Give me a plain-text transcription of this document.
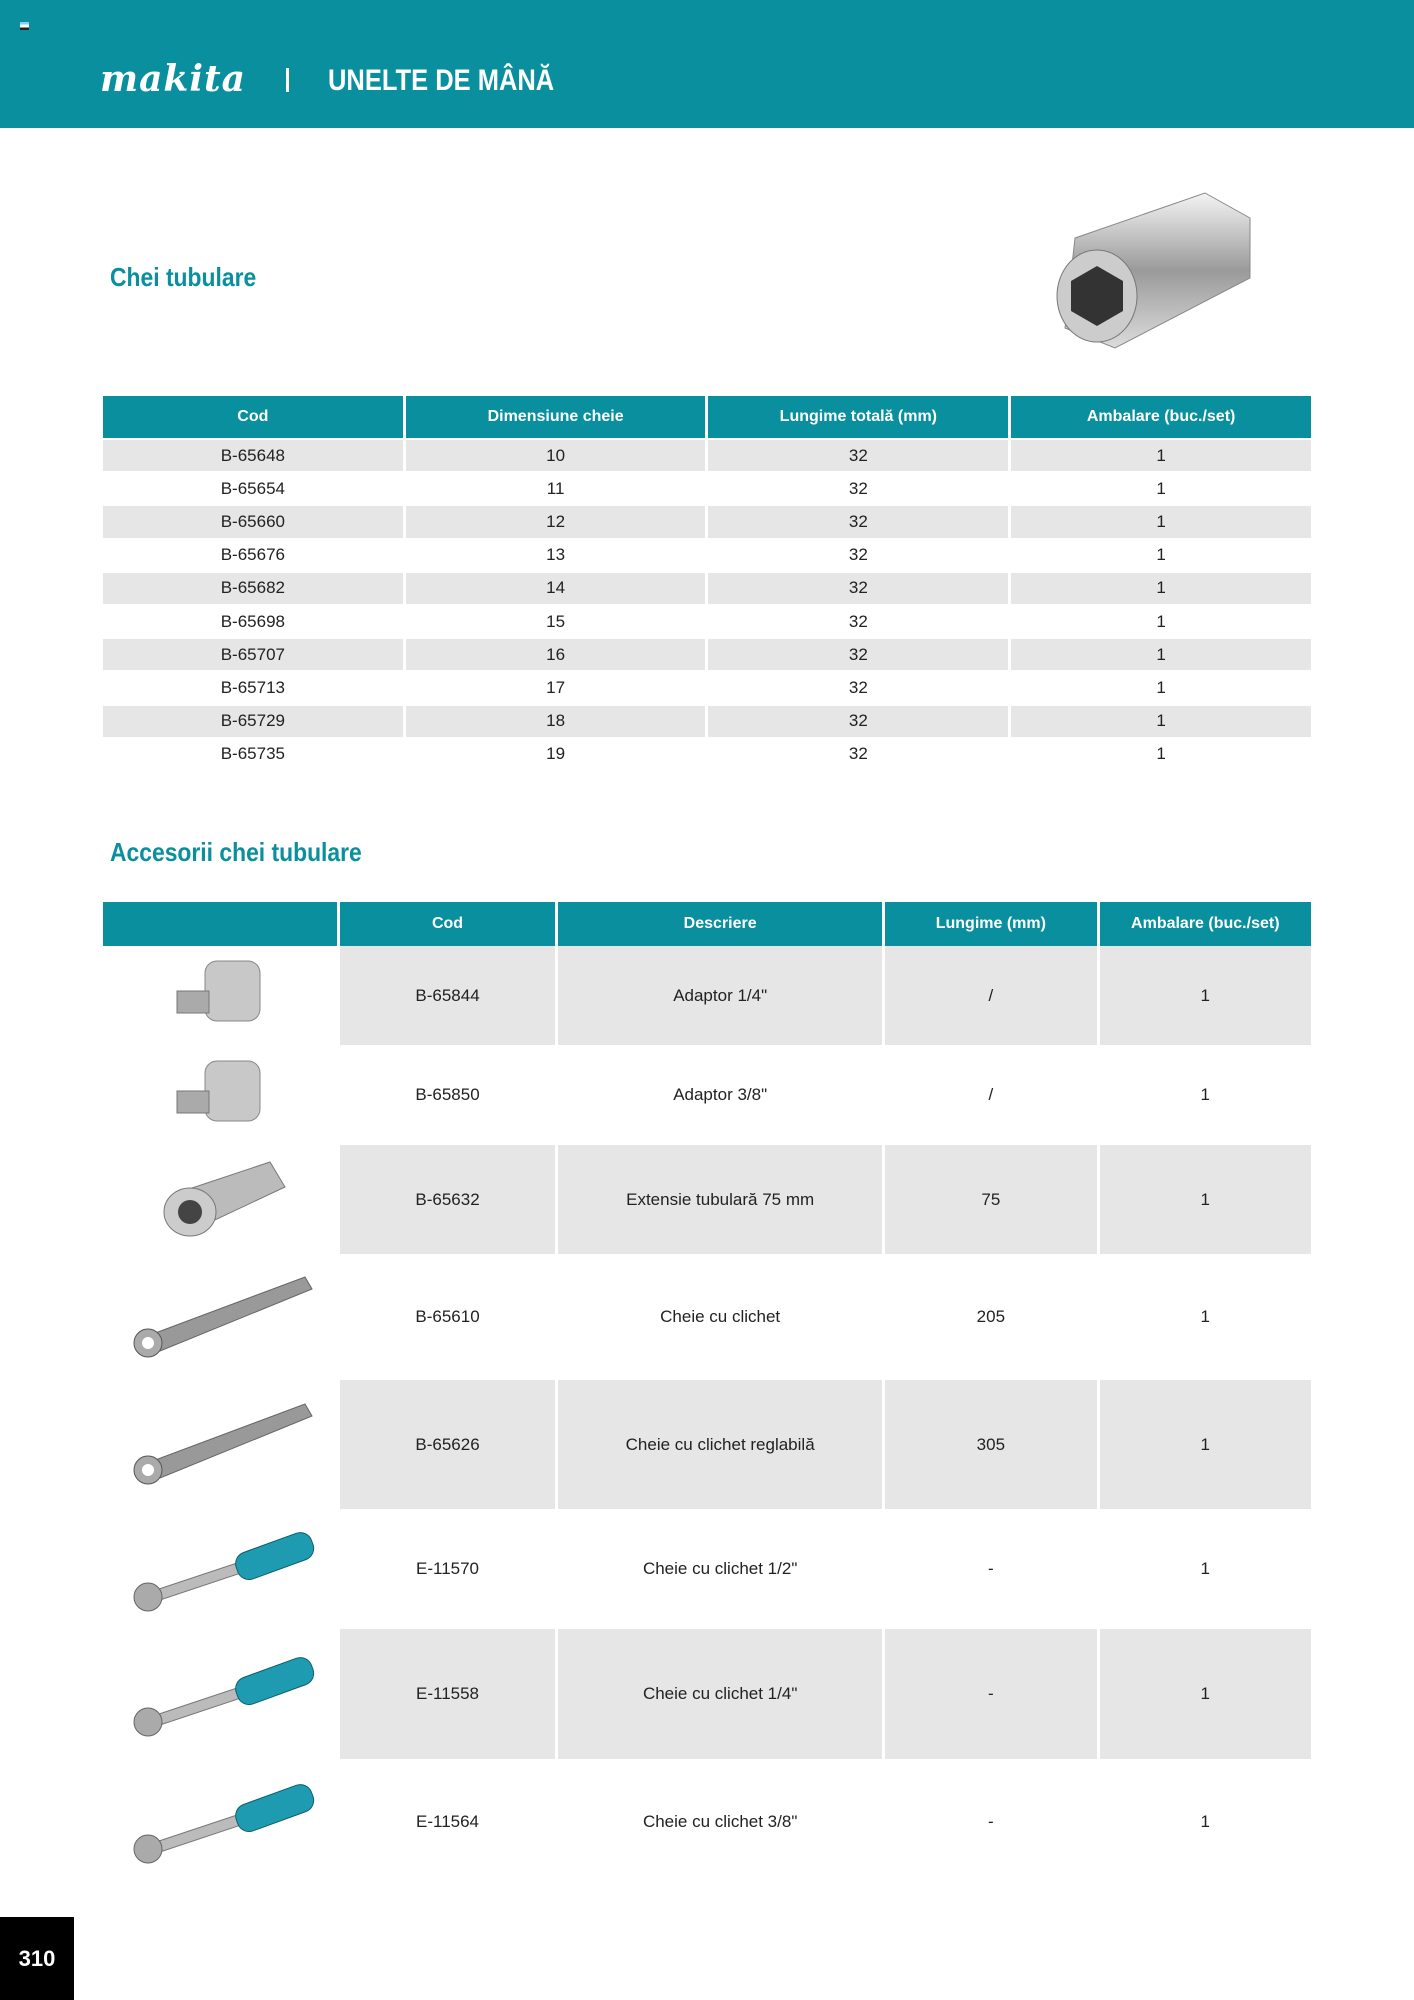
makita	UNELTE DE MÂNĂ
Chei tubulare
Cod	Dimensiune cheie	Lungime totală (mm)	Ambalare (buc./set)
B-65648	10	32	1
B-65654	11	32	1
B-65660	12	32	1
B-65676	13	32	1
B-65682	14	32	1
B-65698	15	32	1
B-65707	16	32	1
B-65713	17	32	1
B-65729	18	32	1
B-65735	19	32	1
Accesorii chei tubulare
	Cod	Descriere	Lungime (mm)	Ambalare (buc./set)
	B-65844	Adaptor 1/4"	/	1
	B-65850	Adaptor 3/8"	/	1
	B-65632	Extensie tubulară 75 mm	75	1
	B-65610	Cheie cu clichet	205	1
	B-65626	Cheie cu clichet reglabilă	305	1
	E-11570	Cheie cu clichet 1/2"	-	1
	E-11558	Cheie cu clichet 1/4"	-	1
	E-11564	Cheie cu clichet 3/8"	-	1
310
